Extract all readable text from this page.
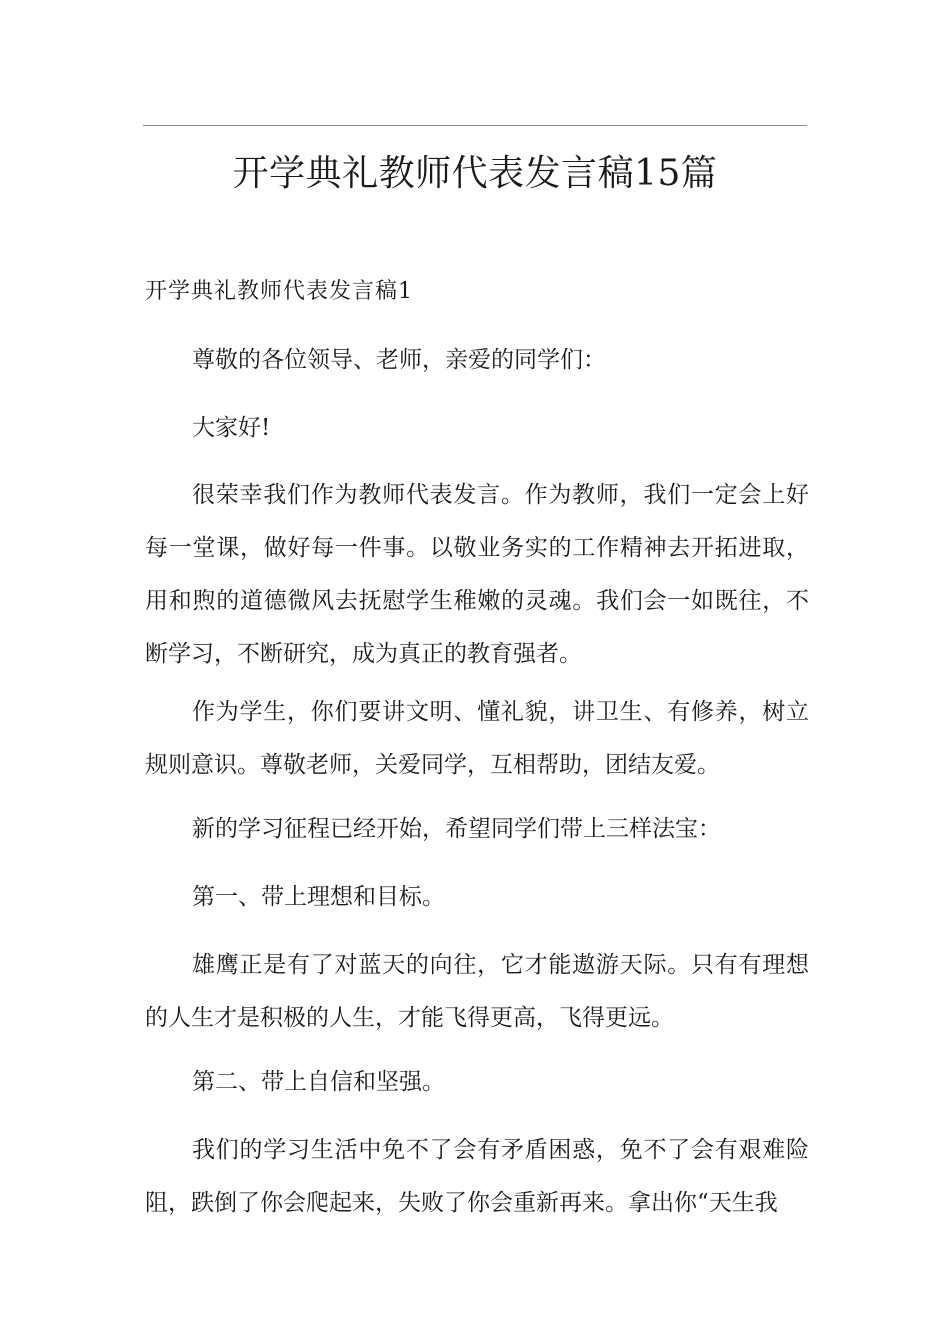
开学典礼教师代表发言稿15篇
开学典礼教师代表发言稿1

尊敬的各位领导、老师，亲爱的同学们：

大家好!

很荣幸我们作为教师代表发言。作为教师，我们一定会上好每一堂课，做好每一件事。以敬业务实的工作精神去开拓进取，用和煦的道德微风去抚慰学生稚嫩的灵魂。我们会一如既往，不断学习，不断研究，成为真正的教育强者。

作为学生，你们要讲文明、懂礼貌，讲卫生、有修养，树立规则意识。尊敬老师，关爱同学，互相帮助，团结友爱。

新的学习征程已经开始，希望同学们带上三样法宝：

第一、带上理想和目标。

雄鹰正是有了对蓝天的向往，它才能遨游天际。只有有理想的人生才是积极的人生，才能飞得更高，飞得更远。

第二、带上自信和坚强。

我们的学习生活中免不了会有矛盾困惑，免不了会有艰难险阻，跌倒了你会爬起来，失败了你会重新再来。拿出你“天生我
